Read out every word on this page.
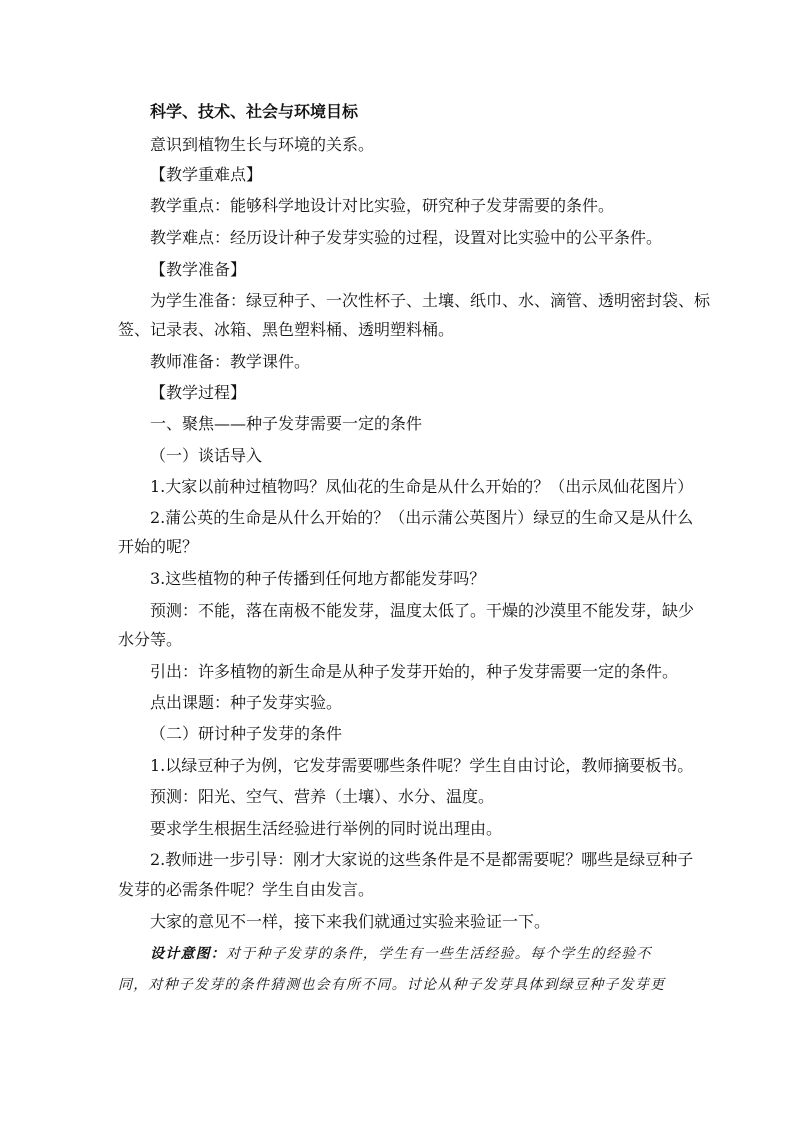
科学、技术、社会与环境目标
意识到植物生长与环境的关系。
【教学重难点】
教学重点：能够科学地设计对比实验，研究种子发芽需要的条件。
教学难点：经历设计种子发芽实验的过程，设置对比实验中的公平条件。
【教学准备】
为学生准备：绿豆种子、一次性杯子、土壤、纸巾、水、滴管、透明密封袋、标
签、记录表、冰箱、黑色塑料桶、透明塑料桶。
教师准备：教学课件。
【教学过程】
一、聚焦——种子发芽需要一定的条件
（一）谈话导入
1.大家以前种过植物吗？凤仙花的生命是从什么开始的？（出示凤仙花图片）
2.蒲公英的生命是从什么开始的？（出示蒲公英图片）绿豆的生命又是从什么
开始的呢？
3.这些植物的种子传播到任何地方都能发芽吗？
预测：不能，落在南极不能发芽，温度太低了。干燥的沙漠里不能发芽，缺少
水分等。
引出：许多植物的新生命是从种子发芽开始的，种子发芽需要一定的条件。
点出课题：种子发芽实验。
（二）研讨种子发芽的条件
1.以绿豆种子为例，它发芽需要哪些条件呢？学生自由讨论，教师摘要板书。
预测：阳光、空气、营养（土壤）、水分、温度。
要求学生根据生活经验进行举例的同时说出理由。
2.教师进一步引导：刚才大家说的这些条件是不是都需要呢？哪些是绿豆种子
发芽的必需条件呢？学生自由发言。
大家的意见不一样，接下来我们就通过实验来验证一下。
设计意图：对于种子发芽的条件，学生有一些生活经验。每个学生的经验不
同，对种子发芽的条件猜测也会有所不同。讨论从种子发芽具体到绿豆种子发芽更
